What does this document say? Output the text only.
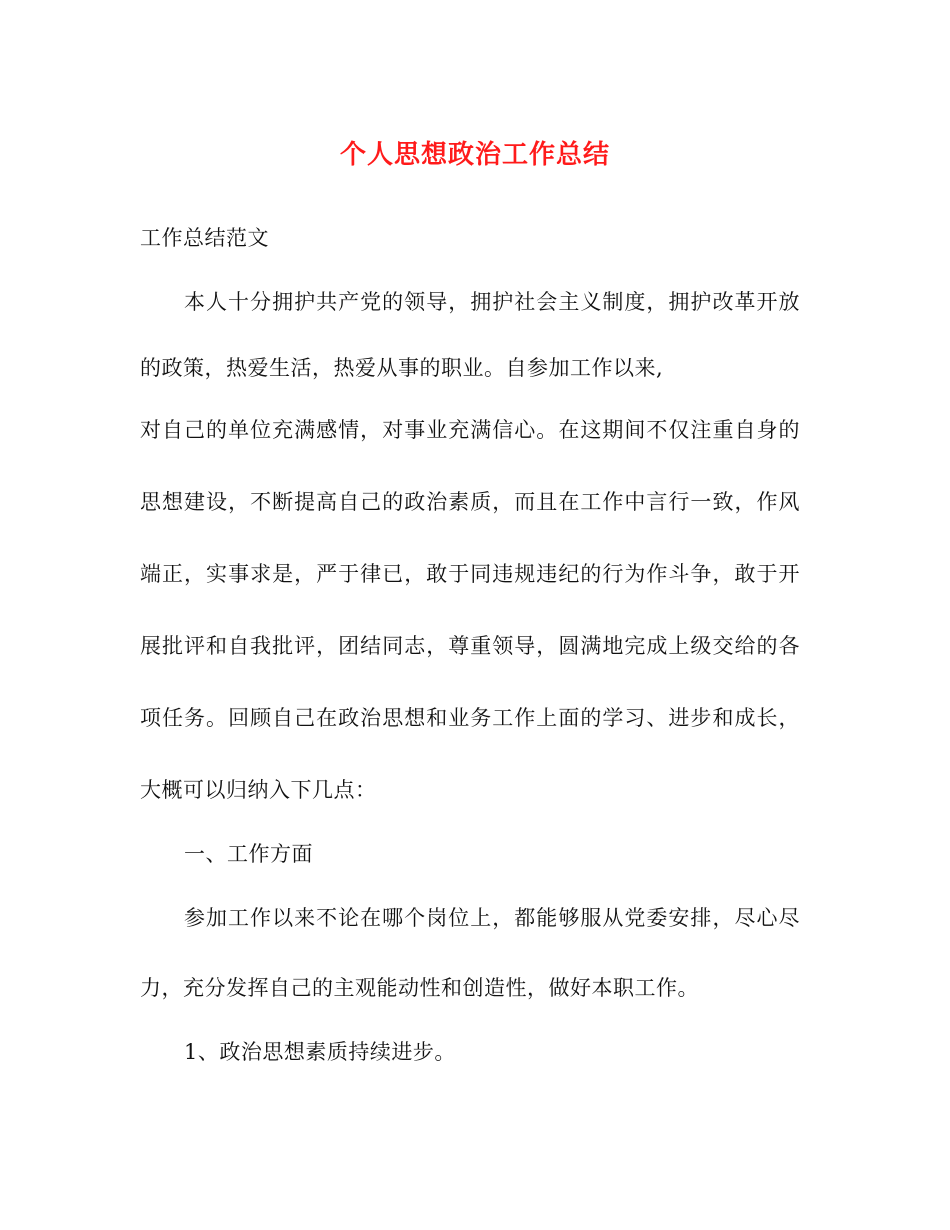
个人思想政治工作总结
工作总结范文
本人十分拥护共产党的领导，拥护社会主义制度，拥护改革开放
的政策，热爱生活，热爱从事的职业。自参加工作以来,
对自己的单位充满感情，对事业充满信心。在这期间不仅注重自身的
思想建设，不断提高自己的政治素质，而且在工作中言行一致，作风
端正，实事求是，严于律已，敢于同违规违纪的行为作斗争，敢于开
展批评和自我批评，团结同志，尊重领导，圆满地完成上级交给的各
项任务。回顾自己在政治思想和业务工作上面的学习、进步和成长，
大概可以归纳入下几点：
一、工作方面
参加工作以来不论在哪个岗位上，都能够服从党委安排，尽心尽
力，充分发挥自己的主观能动性和创造性，做好本职工作。
1、政治思想素质持续进步。
